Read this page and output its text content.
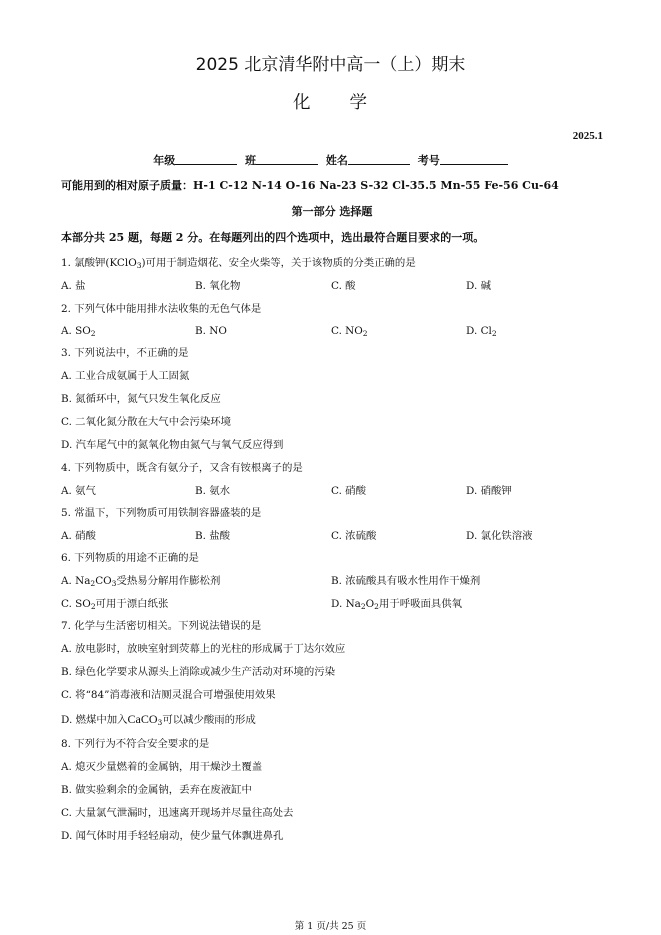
2025 北京清华附中高一（上）期末
化 学
2025.1
年级	班	姓名	考号
可能用到的相对原子质量：H-1 C-12 N-14 O-16 Na-23 S-32 Cl-35.5 Mn-55 Fe-56 Cu-64
第一部分 选择题
本部分共 25 题，每题 2 分。在每题列出的四个选项中，选出最符合题目要求的一项。
1. 氯酸钾(KClO$_3$)可用于制造烟花、安全火柴等，关于该物质的分类正确的是
A. 盐	B. 氧化物	C. 酸	D. 碱
2. 下列气体中能用排水法收集的无色气体是
A. $SO_2$	B. NO	C. $NO_2$	D. $Cl_2$
3. 下列说法中，不正确的是
A. 工业合成氨属于人工固氮
B. 氮循环中，氮气只发生氧化反应
C. 二氧化氮分散在大气中会污染环境
D. 汽车尾气中的氮氧化物由氮气与氧气反应得到
4. 下列物质中，既含有氨分子，又含有铵根离子的是
A. 氨气	B. 氨水	C. 硝酸	D. 硝酸钾
5. 常温下，下列物质可用铁制容器盛装的是
A. 硝酸	B. 盐酸	C. 浓硫酸	D. 氯化铁溶液
6. 下列物质的用途不正确的是
A. $Na_2CO_3$受热易分解用作膨松剂	B. 浓硫酸具有吸水性用作干燥剂
C. $SO_2$可用于漂白纸张	D. $Na_2O_2$用于呼吸面具供氧
7. 化学与生活密切相关。下列说法错误的是
A. 放电影时，放映室射到荧幕上的光柱的形成属于丁达尔效应
B. 绿色化学要求从源头上消除或减少生产活动对环境的污染
C. 将“84”消毒液和洁厕灵混合可增强使用效果
D. 燃煤中加入CaCO$_3$可以减少酸雨的形成
8. 下列行为不符合安全要求的是
A. 熄灭少量燃着的金属钠，用干燥沙土覆盖
B. 做实验剩余的金属钠，丢弃在废液缸中
C. 大量氯气泄漏时，迅速离开现场并尽量往高处去
D. 闻气体时用手轻轻扇动，使少量气体飘进鼻孔
第 1 页/共 25 页
